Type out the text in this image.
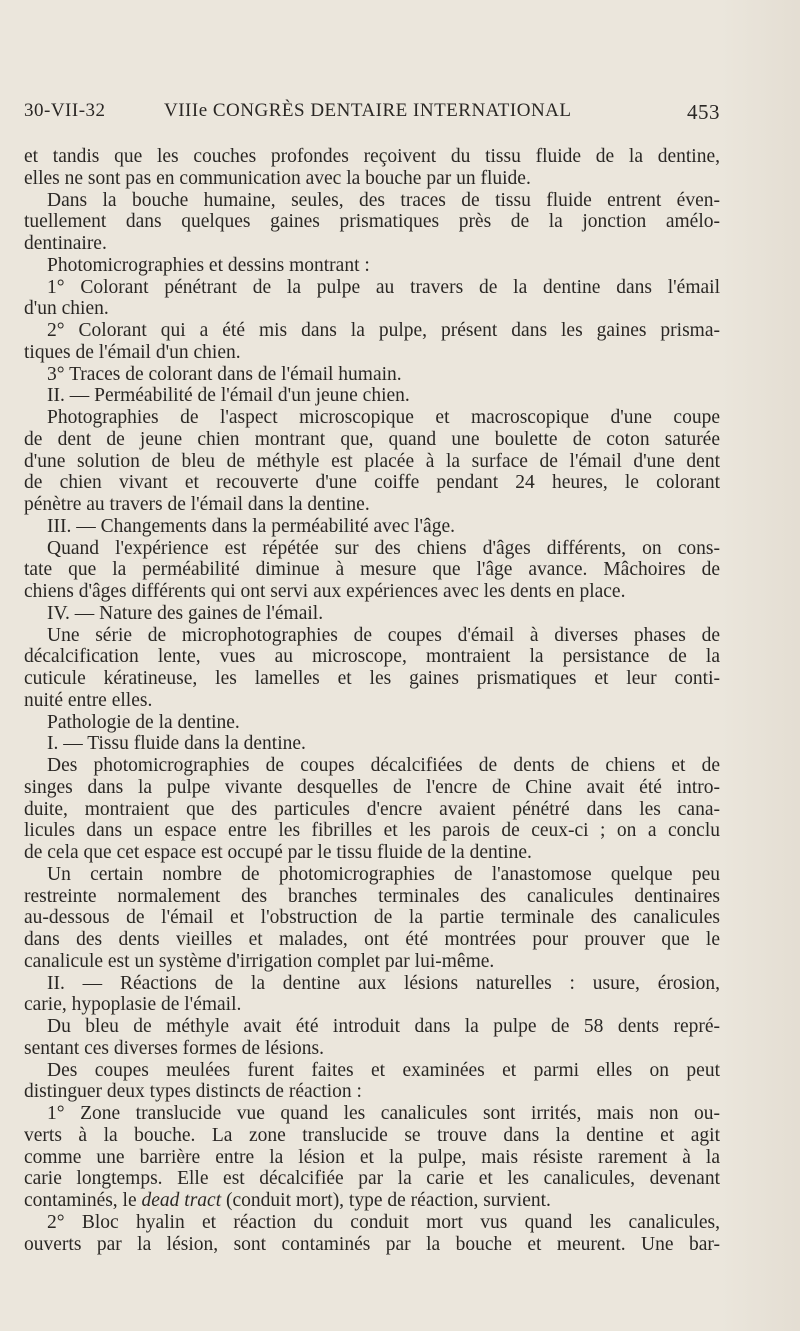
30-VII-32	VIIIe CONGRÈS DENTAIRE INTERNATIONAL	453
et tandis que les couches profondes reçoivent du tissu fluide de la dentine,
elles ne sont pas en communication avec la bouche par un fluide.
Dans la bouche humaine, seules, des traces de tissu fluide entrent éven-
tuellement dans quelques gaines prismatiques près de la jonction amélo-
dentinaire.
Photomicrographies et dessins montrant :
1° Colorant pénétrant de la pulpe au travers de la dentine dans l'émail
d'un chien.
2° Colorant qui a été mis dans la pulpe, présent dans les gaines prisma-
tiques de l'émail d'un chien.
3° Traces de colorant dans de l'émail humain.
II. — Perméabilité de l'émail d'un jeune chien.
Photographies de l'aspect microscopique et macroscopique d'une coupe
de dent de jeune chien montrant que, quand une boulette de coton saturée
d'une solution de bleu de méthyle est placée à la surface de l'émail d'une dent
de chien vivant et recouverte d'une coiffe pendant 24 heures, le colorant
pénètre au travers de l'émail dans la dentine.
III. — Changements dans la perméabilité avec l'âge.
Quand l'expérience est répétée sur des chiens d'âges différents, on cons-
tate que la perméabilité diminue à mesure que l'âge avance. Mâchoires de
chiens d'âges différents qui ont servi aux expériences avec les dents en place.
IV. — Nature des gaines de l'émail.
Une série de microphotographies de coupes d'émail à diverses phases de
décalcification lente, vues au microscope, montraient la persistance de la
cuticule kératineuse, les lamelles et les gaines prismatiques et leur conti-
nuité entre elles.
Pathologie de la dentine.
I. — Tissu fluide dans la dentine.
Des photomicrographies de coupes décalcifiées de dents de chiens et de
singes dans la pulpe vivante desquelles de l'encre de Chine avait été intro-
duite, montraient que des particules d'encre avaient pénétré dans les cana-
licules dans un espace entre les fibrilles et les parois de ceux-ci ; on a conclu
de cela que cet espace est occupé par le tissu fluide de la dentine.
Un certain nombre de photomicrographies de l'anastomose quelque peu
restreinte normalement des branches terminales des canalicules dentinaires
au-dessous de l'émail et l'obstruction de la partie terminale des canalicules
dans des dents vieilles et malades, ont été montrées pour prouver que le
canalicule est un système d'irrigation complet par lui-même.
II. — Réactions de la dentine aux lésions naturelles : usure, érosion,
carie, hypoplasie de l'émail.
Du bleu de méthyle avait été introduit dans la pulpe de 58 dents repré-
sentant ces diverses formes de lésions.
Des coupes meulées furent faites et examinées et parmi elles on peut
distinguer deux types distincts de réaction :
1° Zone translucide vue quand les canalicules sont irrités, mais non ou-
verts à la bouche. La zone translucide se trouve dans la dentine et agit
comme une barrière entre la lésion et la pulpe, mais résiste rarement à la
carie longtemps. Elle est décalcifiée par la carie et les canalicules, devenant
contaminés, le dead tract (conduit mort), type de réaction, survient.
2° Bloc hyalin et réaction du conduit mort vus quand les canalicules,
ouverts par la lésion, sont contaminés par la bouche et meurent. Une bar-
